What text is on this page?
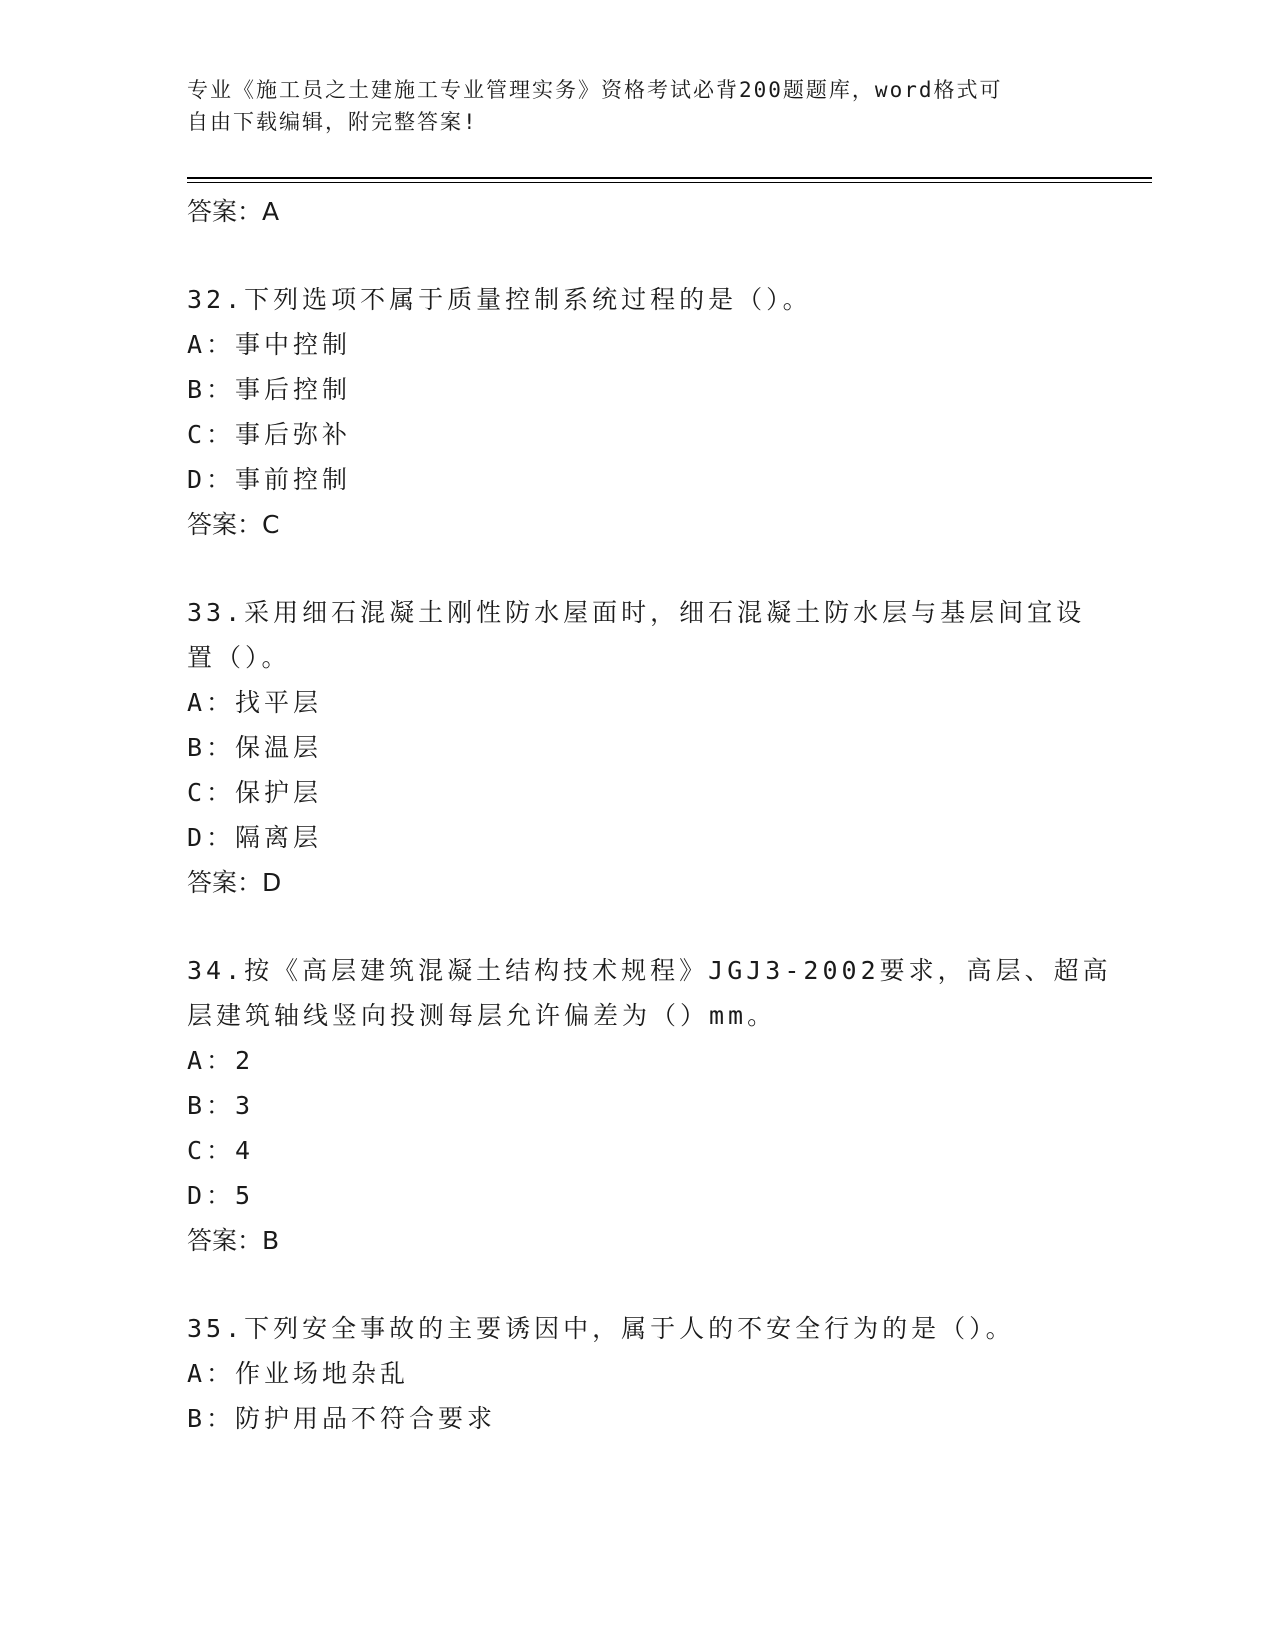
专业《施工员之土建施工专业管理实务》资格考试必背200题题库，word格式可
自由下载编辑，附完整答案!
答案：A
32.下列选项不属于质量控制系统过程的是（）。
A：事中控制
B：事后控制
C：事后弥补
D：事前控制
答案：C
33.采用细石混凝土刚性防水屋面时，细石混凝土防水层与基层间宜设
置（）。
A：找平层
B：保温层
C：保护层
D：隔离层
答案：D
34.按《高层建筑混凝土结构技术规程》JGJ3-2002要求，高层、超高
层建筑轴线竖向投测每层允许偏差为（）mm。
A：2
B：3
C：4
D：5
答案：B
35.下列安全事故的主要诱因中，属于人的不安全行为的是（）。
A：作业场地杂乱
B：防护用品不符合要求
